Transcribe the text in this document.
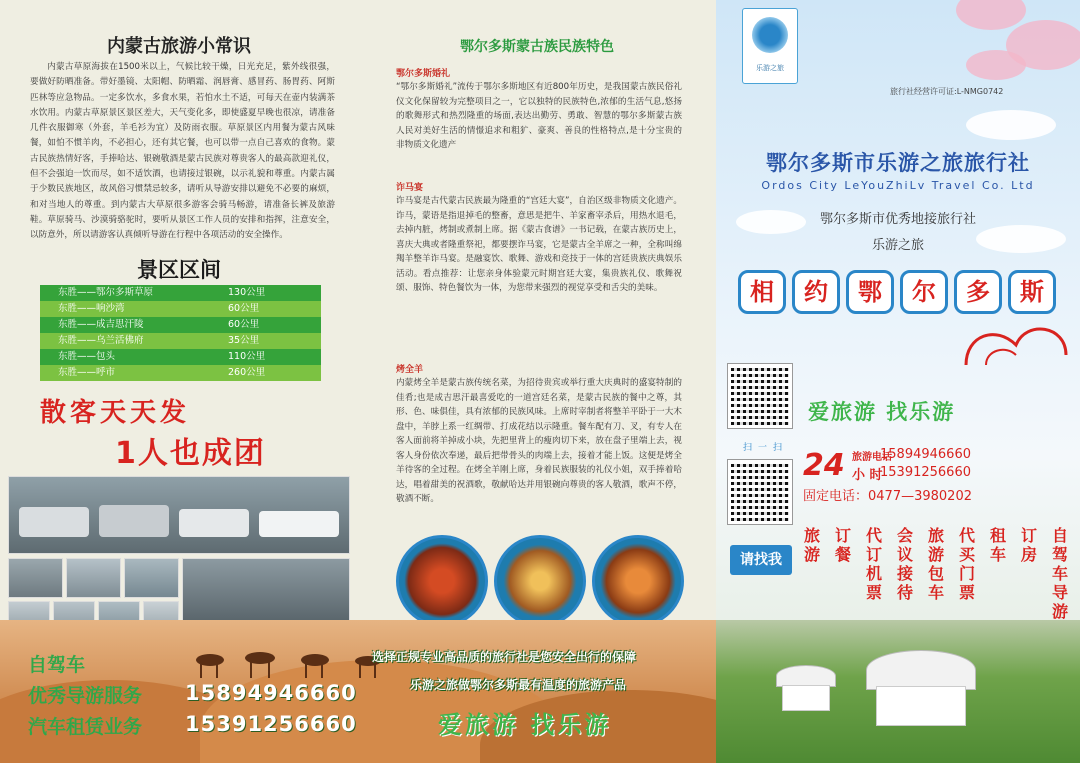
内蒙古旅游小常识
内蒙古草原海拔在1500米以上，气候比较干燥，日光充足，紫外线很强，要做好防晒准备。带好墨镜、太阳帽、防晒霜、润唇膏、感冒药、肠胃药、阿斯匹林等应急物品。一定多饮水，多食水果，若怕水土不适，可每天在壶内装满茶水饮用。内蒙古草原景区景区差大，天气变化多，即使盛夏早晚也很凉，请准备几件衣服御寒（外套，羊毛衫为宜）及防雨衣服。草原景区内用餐为蒙古风味餐，如怕不惯羊肉，不必担心，还有其它餐，也可以带一点自己喜欢的食物。蒙古民族热情好客，手捧哈达、银碗敬酒是蒙古民族对尊贵客人的最高款迎礼仪，但不会强迫一饮而尽，如不适饮酒，也请接过银碗，以示礼貌和尊重。内蒙古属于少数民族地区，故风俗习惯禁忌较多，请听从导游安排以避免不必要的麻烦，和对当地人的尊重。到内蒙古大草原很多游客会骑马畅游，请准备长裤及旅游鞋。草原骑马、沙漠骑骆驼时，要听从景区工作人员的安排和指挥，注意安全，以防意外，所以请游客认真倾听导游在行程中各项活动的安全操作。
景区区间
东胜——鄂尔多斯草原	130公里
东胜——响沙湾	60公里
东胜——成吉思汗陵	60公里
东胜——乌兰活佛府	35公里
东胜——包头	110公里
东胜——呼市	260公里
散客天天发
1人也成团
鄂尔多斯蒙古族民族特色
鄂尔多斯婚礼
“鄂尔多斯婚礼”流传于鄂尔多斯地区有近800年历史，是我国蒙古族民俗礼仪文化保留较为完整项目之一，它以独特的民族特色,浓郁的生活气息,悠扬的歌舞形式和热烈隆重的场面,表达出勤劳、勇敢、智慧的鄂尔多斯蒙古族人民对美好生活的情憬追求和粗犷、豪爽、善良的性格特点,是十分宝贵的非物质文化遗产
诈马宴
诈马宴是古代蒙古民族最为隆重的“宫廷大宴”，自治区级非物质文化遗产。诈马，蒙语是指退掉毛的整畜，意思是把牛、羊家畜宰杀后，用热水退毛，去掉内脏，烤制或煮制上席。据《蒙古食谱》一书记载，在蒙古族历史上，喜庆大典或者隆重祭祀，都要摆诈马宴，它是蒙古全羊席之一种，全称叫绵羯羊整羊诈马宴。是融宴饮、歌舞、游戏和竞技于一体的宫廷贵族庆典娱乐活动。看点推荐：让您亲身体验蒙元时期宫廷大宴，集贵族礼仪、歌舞祝颂、服饰、特色餐饮为一体，为您带来强烈的视觉享受和舌尖的美味。
烤全羊
内蒙烤全羊是蒙古族传统名菜，为招待贵宾或举行重大庆典时的盛宴特制的佳肴;也是成吉思汗最喜爱吃的一道宫廷名菜，是蒙古民族的餐中之尊，其形、色、味俱佳，具有浓郁的民族风味。上席时宰制者将整羊平卧于一大木盘中，羊脖上系一红绸带、打成花结以示隆重。餐车配有刀、叉，有专人在客人面前将羊掉成小块，先把里背上的瘦肉切下来，放在盘子里端上去，视客人身份依次奉递，最后把带骨头的肉端上去，接着才能上饭。这便是烤全羊待客的全过程。在烤全羊刚上席，身着民族服装的礼仪小姐，双手捧着哈达，唱着甜美的祝酒歌，敬献哈达并用银碗向尊贵的客人敬酒，歌声不停，敬酒不断。
自驾车
优秀导游服务
汽车租赁业务
15894946660
15391256660
选择正规专业高品质的旅行社是您安全出行的保障
乐游之旅做鄂尔多斯最有温度的旅游产品
爱旅游 找乐游
乐游之旅
旅行社经营许可证:L-NMG0742
鄂尔多斯市乐游之旅旅行社
Ordos City LeYouZhiLv Travel Co. Ltd
鄂尔多斯市优秀地接旅行社
乐游之旅
相	约	鄂	尔	多	斯
扫一扫
爱旅游 找乐游
24 旅游电话
小 时
15894946660
15391256660
固定电话：0477—3980202
请找我
旅游
订餐
代订机票
会议接待
旅游包车
代买门票
租车
订房
自驾车导游
